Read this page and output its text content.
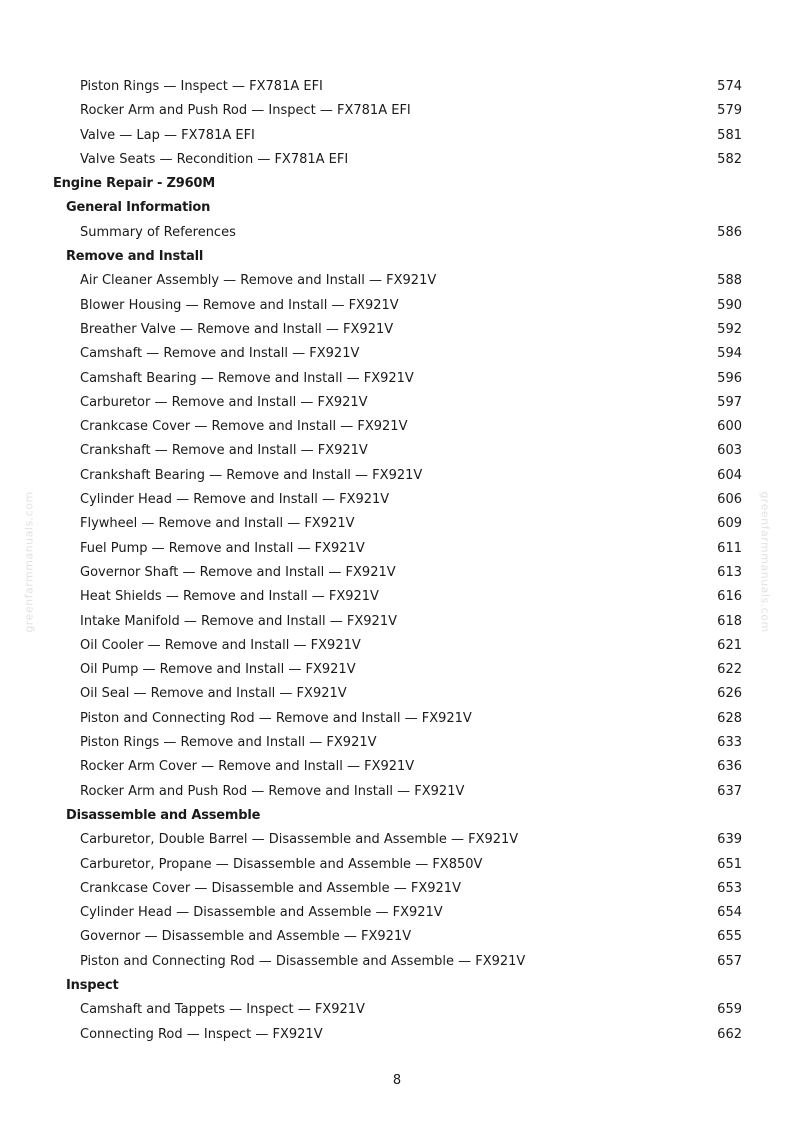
Piston Rings — Inspect — FX781A EFI	574
Rocker Arm and Push Rod — Inspect — FX781A EFI	579
Valve — Lap — FX781A EFI	581
Valve Seats — Recondition — FX781A EFI	582
Engine Repair - Z960M
General Information
Summary of References	586
Remove and Install
Air Cleaner Assembly — Remove and Install — FX921V	588
Blower Housing — Remove and Install — FX921V	590
Breather Valve — Remove and Install — FX921V	592
Camshaft — Remove and Install — FX921V	594
Camshaft Bearing — Remove and Install — FX921V	596
Carburetor — Remove and Install — FX921V	597
Crankcase Cover — Remove and Install — FX921V	600
Crankshaft — Remove and Install — FX921V	603
Crankshaft Bearing — Remove and Install — FX921V	604
Cylinder Head — Remove and Install — FX921V	606
Flywheel — Remove and Install — FX921V	609
Fuel Pump — Remove and Install — FX921V	611
Governor Shaft — Remove and Install — FX921V	613
Heat Shields — Remove and Install — FX921V	616
Intake Manifold — Remove and Install — FX921V	618
Oil Cooler — Remove and Install — FX921V	621
Oil Pump — Remove and Install — FX921V	622
Oil Seal — Remove and Install — FX921V	626
Piston and Connecting Rod — Remove and Install — FX921V	628
Piston Rings — Remove and Install — FX921V	633
Rocker Arm Cover — Remove and Install — FX921V	636
Rocker Arm and Push Rod — Remove and Install — FX921V	637
Disassemble and Assemble
Carburetor, Double Barrel — Disassemble and Assemble — FX921V	639
Carburetor, Propane — Disassemble and Assemble — FX850V	651
Crankcase Cover — Disassemble and Assemble — FX921V	653
Cylinder Head — Disassemble and Assemble — FX921V	654
Governor — Disassemble and Assemble — FX921V	655
Piston and Connecting Rod — Disassemble and Assemble — FX921V	657
Inspect
Camshaft and Tappets — Inspect — FX921V	659
Connecting Rod — Inspect — FX921V	662
8
greenfarmmanuals.com	greenfarmmanuals.com
